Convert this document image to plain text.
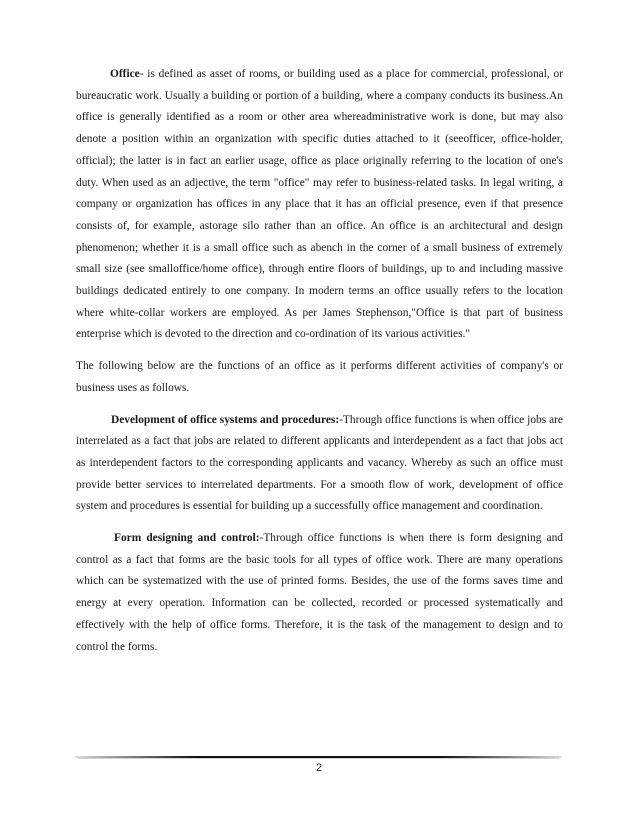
Office- is defined as asset of rooms, or building used as a place for commercial, professional, or bureaucratic work. Usually a building or portion of a building, where a company conducts its business.An office is generally identified as a room or other area whereadministrative work is done, but may also denote a position within an organization with specific duties attached to it (seeofficer, office-holder, official); the latter is in fact an earlier usage, office as place originally referring to the location of one's duty. When used as an adjective, the term "office" may refer to business-related tasks. In legal writing, a company or organization has offices in any place that it has an official presence, even if that presence consists of, for example, astorage silo rather than an office. An office is an architectural and design phenomenon; whether it is a small office such as abench in the corner of a small business of extremely small size (see smalloffice/home office), through entire floors of buildings, up to and including massive buildings dedicated entirely to one company. In modern terms an office usually refers to the location where white-collar workers are employed. As per James Stephenson,"Office is that part of business enterprise which is devoted to the direction and co-ordination of its various activities."

The following below are the functions of an office as it performs different activities of company's or business uses as follows.

Development of office systems and procedures:-Through office functions is when office jobs are interrelated as a fact that jobs are related to different applicants and interdependent as a fact that jobs act as interdependent factors to the corresponding applicants and vacancy. Whereby as such an office must provide better services to interrelated departments. For a smooth flow of work, development of office system and procedures is essential for building up a successfully office management and coordination.

Form designing and control:-Through office functions is when there is form designing and control as a fact that forms are the basic tools for all types of office work. There are many operations which can be systematized with the use of printed forms. Besides, the use of the forms saves time and energy at every operation. Information can be collected, recorded or processed systematically and effectively with the help of office forms. Therefore, it is the task of the management to design and to control the forms.

2
